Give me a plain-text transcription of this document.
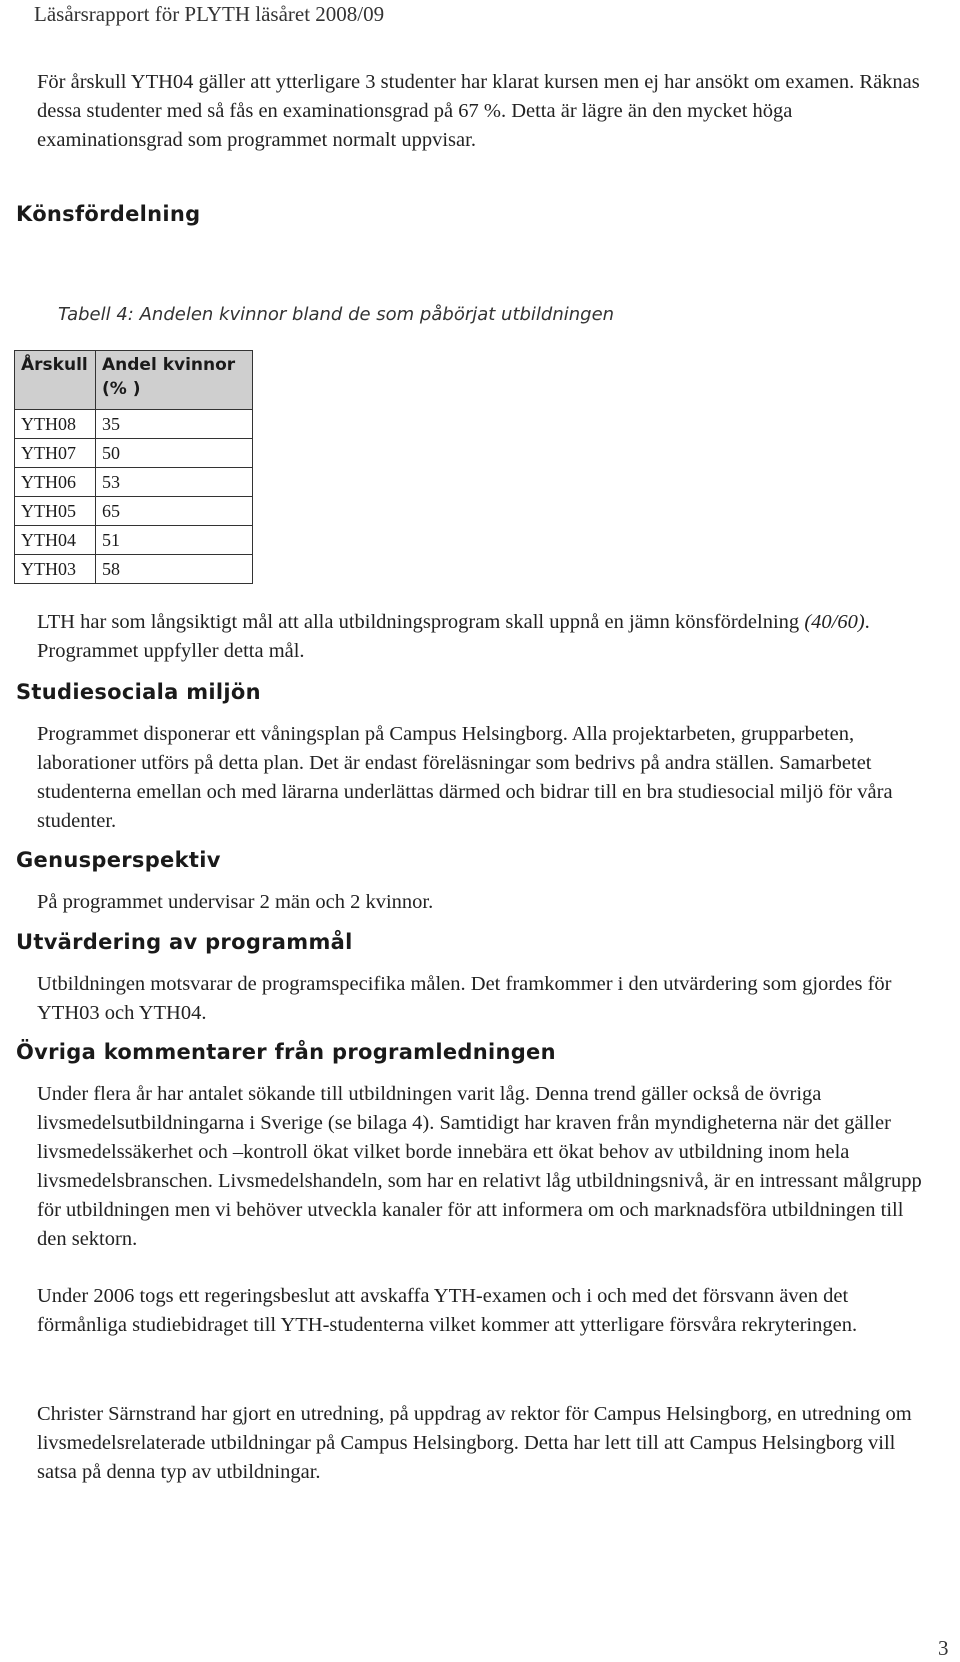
Läsårsrapport för PLYTH läsåret 2008/09

För årskull YTH04 gäller att ytterligare 3 studenter har klarat kursen men ej har ansökt om examen. Räknas dessa studenter med så fås en examinationsgrad på 67 %. Detta är lägre än den mycket höga examinationsgrad som programmet normalt uppvisar.

Könsfördelning
Tabell 4: Andelen kvinnor bland de som påbörjat utbildningen
Årskull	Andel kvinnor (% )
YTH08	35
YTH07	50
YTH06	53
YTH05	65
YTH04	51
YTH03	58

LTH har som långsiktigt mål att alla utbildningsprogram skall uppnå en jämn könsfördelning (40/60). Programmet uppfyller detta mål.

Studiesociala miljön

Programmet disponerar ett våningsplan på Campus Helsingborg. Alla projektarbeten, grupparbeten, laborationer utförs på detta plan. Det är endast föreläsningar som bedrivs på andra ställen. Samarbetet studenterna emellan och med lärarna underlättas därmed och bidrar till en bra studiesocial miljö för våra studenter.

Genusperspektiv

På programmet undervisar 2 män och 2 kvinnor.

Utvärdering av programmål

Utbildningen motsvarar de programspecifika målen. Det framkommer i den utvärdering som gjordes för YTH03 och YTH04.

Övriga kommentarer från programledningen

Under flera år har antalet sökande till utbildningen varit låg. Denna trend gäller också de övriga livsmedelsutbildningarna i Sverige (se bilaga 4). Samtidigt har kraven från myndigheterna när det gäller livsmedelssäkerhet och –kontroll ökat vilket borde innebära ett ökat behov av utbildning inom hela livsmedelsbranschen. Livsmedelshandeln, som har en relativt låg utbildningsnivå, är en intressant målgrupp för utbildningen men vi behöver utveckla kanaler för att informera om och marknadsföra utbildningen till den sektorn.

Under 2006 togs ett regeringsbeslut att avskaffa YTH-examen och i och med det försvann även det förmånliga studiebidraget till YTH-studenterna vilket kommer att ytterligare försvåra rekryteringen.

Christer Särnstrand har gjort en utredning, på uppdrag av rektor för Campus Helsingborg, en utredning om livsmedelsrelaterade utbildningar på Campus Helsingborg. Detta har lett till att Campus Helsingborg vill satsa på denna typ av utbildningar.

3
